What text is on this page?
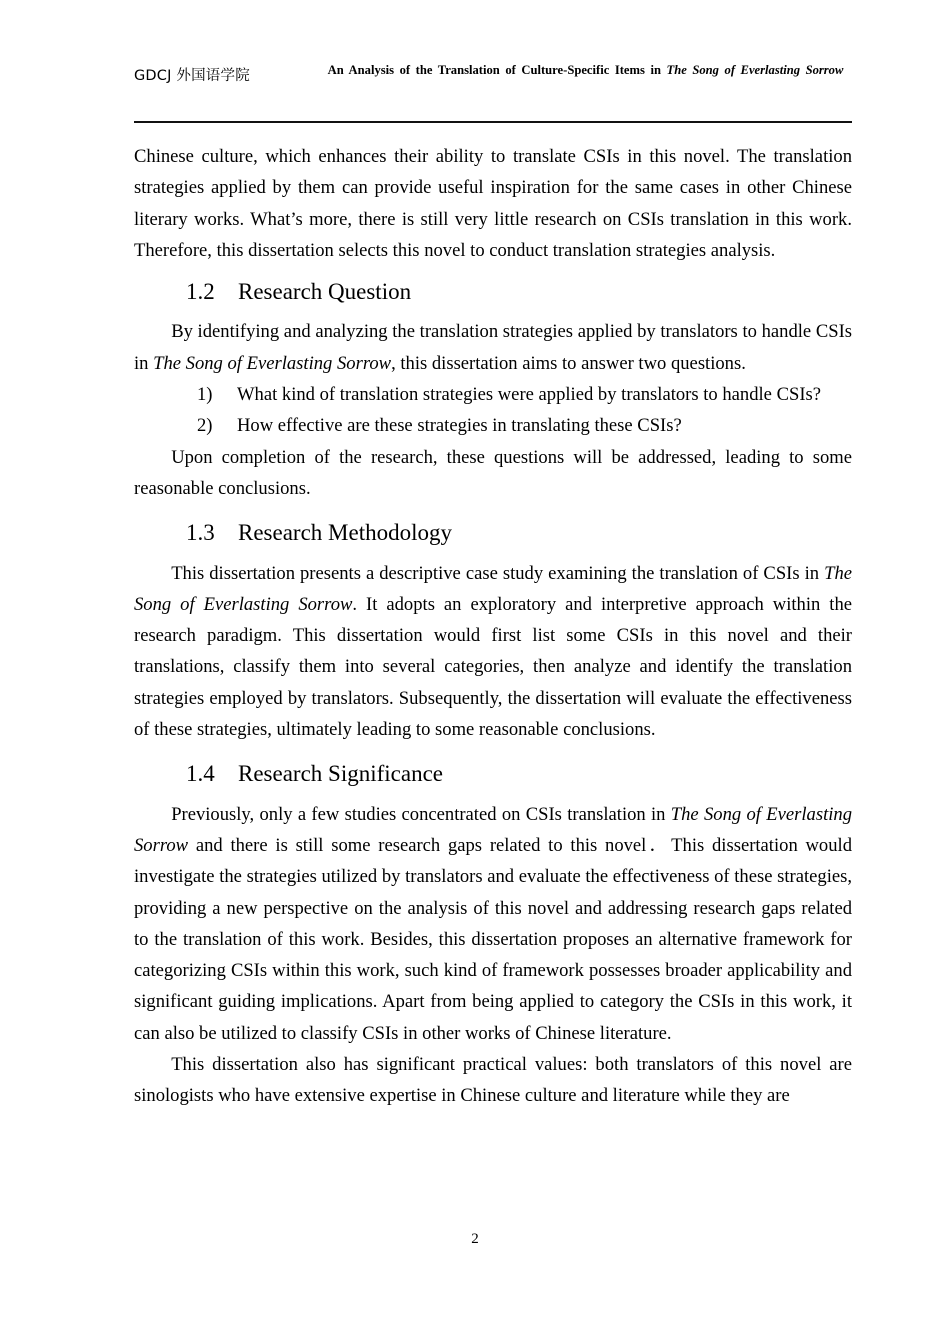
GDCJ 外国语学院	An Analysis of the Translation of Culture-Specific Items in The Song of Everlasting Sorrow

Chinese culture, which enhances their ability to translate CSIs in this novel. The translation strategies applied by them can provide useful inspiration for the same cases in other Chinese literary works. What’s more, there is still very little research on CSIs translation in this work. Therefore, this dissertation selects this novel to conduct translation strategies analysis.

1.2 Research Question

By identifying and analyzing the translation strategies applied by translators to handle CSIs in The Song of Everlasting Sorrow, this dissertation aims to answer two questions.

1) What kind of translation strategies were applied by translators to handle CSIs?
2) How effective are these strategies in translating these CSIs?

Upon completion of the research, these questions will be addressed, leading to some reasonable conclusions.

1.3 Research Methodology

This dissertation presents a descriptive case study examining the translation of CSIs in The Song of Everlasting Sorrow. It adopts an exploratory and interpretive approach within the research paradigm. This dissertation would first list some CSIs in this novel and their translations, classify them into several categories, then analyze and identify the translation strategies employed by translators. Subsequently, the dissertation will evaluate the effectiveness of these strategies, ultimately leading to some reasonable conclusions.

1.4 Research Significance

Previously, only a few studies concentrated on CSIs translation in The Song of Everlasting Sorrow and there is still some research gaps related to this novel．This dissertation would investigate the strategies utilized by translators and evaluate the effectiveness of these strategies, providing a new perspective on the analysis of this novel and addressing research gaps related to the translation of this work. Besides, this dissertation proposes an alternative framework for categorizing CSIs within this work, such kind of framework possesses broader applicability and significant guiding implications. Apart from being applied to category the CSIs in this work, it can also be utilized to classify CSIs in other works of Chinese literature.

This dissertation also has significant practical values: both translators of this novel are sinologists who have extensive expertise in Chinese culture and literature while they are

2
